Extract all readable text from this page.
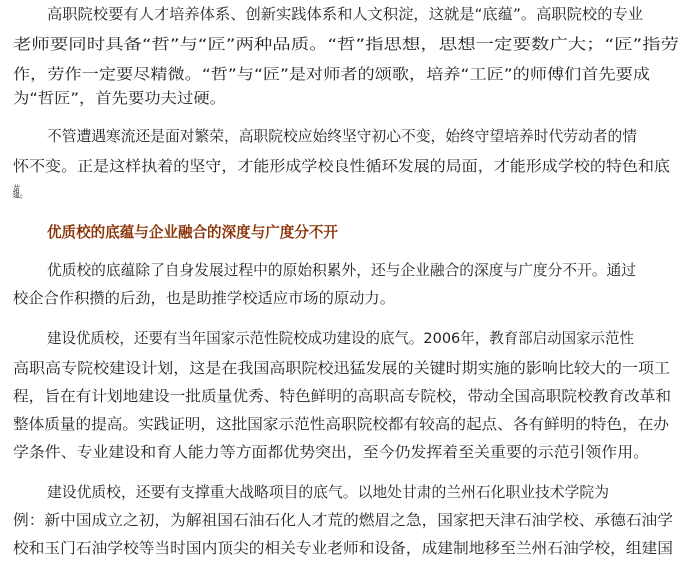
高职院校要有人才培养体系、创新实践体系和人文积淀，这就是“底蕴”。高职院校的专业
老师要同时具备“哲”与“匠”两种品质。“哲”指思想，思想一定要数广大；“匠”指劳
作，劳作一定要尽精微。“哲”与“匠”是对师者的颂歌，培养“工匠”的师傅们首先要成
为“哲匠”，首先要功夫过硬。
不管遭遇寒流还是面对繁荣，高职院校应始终坚守初心不变，始终守望培养时代劳动者的情
怀不变。正是这样执着的坚守，才能形成学校良性循环发展的局面，才能形成学校的特色和底
蕴。
优质校的底蕴与企业融合的深度与广度分不开
优质校的底蕴除了自身发展过程中的原始积累外，还与企业融合的深度与广度分不开。通过
校企合作积攒的后劲，也是助推学校适应市场的原动力。
建设优质校，还要有当年国家示范性院校成功建设的底气。2006年，教育部启动国家示范性
高职高专院校建设计划，这是在我国高职院校迅猛发展的关键时期实施的影响比较大的一项工
程，旨在有计划地建设一批质量优秀、特色鲜明的高职高专院校，带动全国高职院校教育改革和
整体质量的提高。实践证明，这批国家示范性高职院校都有较高的起点、各有鲜明的特色，在办
学条件、专业建设和育人能力等方面都优势突出，至今仍发挥着至关重要的示范引领作用。
建设优质校，还要有支撑重大战略项目的底气。以地处甘肃的兰州石化职业技术学院为
例：新中国成立之初，为解祖国石油石化人才荒的燃眉之急，国家把天津石油学校、承德石油学
校和玉门石油学校等当时国内顶尖的相关专业老师和设备，成建制地移至兰州石油学校，组建国
